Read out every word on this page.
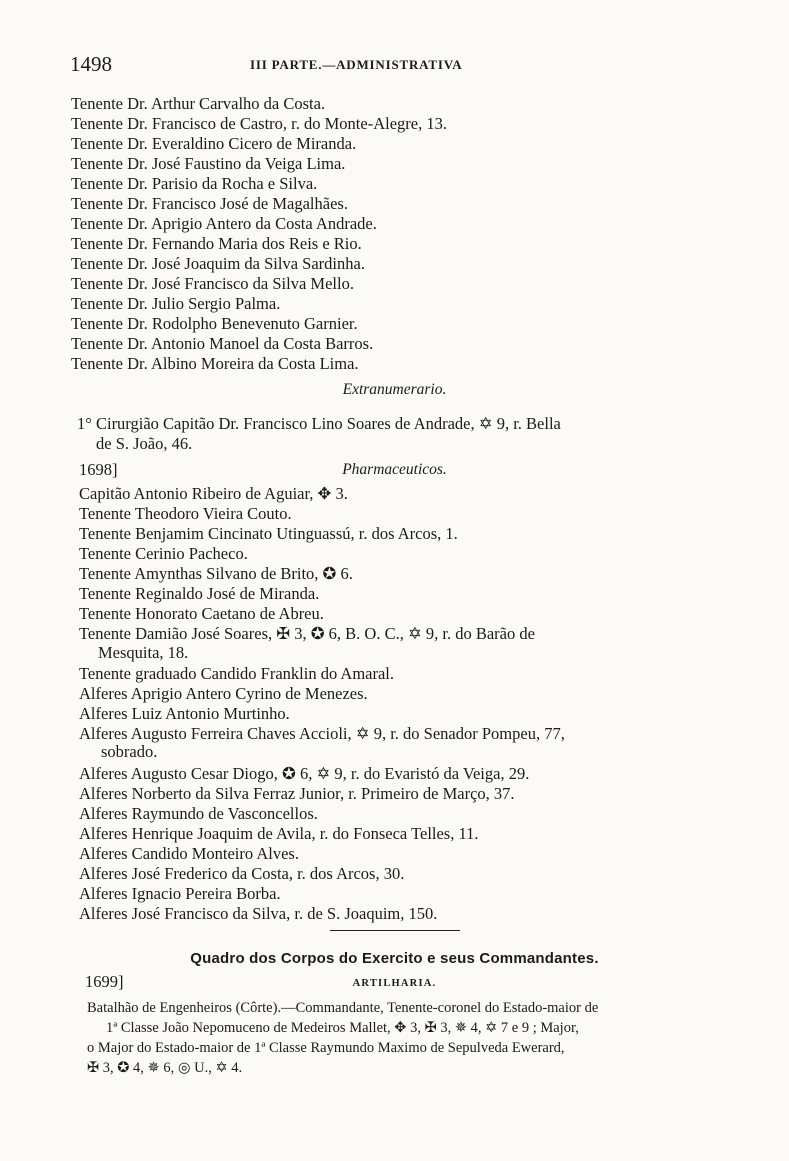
1498	III PARTE.—ADMINISTRATIVA
Tenente Dr. Arthur Carvalho da Costa.
Tenente Dr. Francisco de Castro, r. do Monte-Alegre, 13.
Tenente Dr. Everaldino Cicero de Miranda.
Tenente Dr. José Faustino da Veiga Lima.
Tenente Dr. Parisio da Rocha e Silva.
Tenente Dr. Francisco José de Magalhães.
Tenente Dr. Aprigio Antero da Costa Andrade.
Tenente Dr. Fernando Maria dos Reis e Rio.
Tenente Dr. José Joaquim da Silva Sardinha.
Tenente Dr. José Francisco da Silva Mello.
Tenente Dr. Julio Sergio Palma.
Tenente Dr. Rodolpho Benevenuto Garnier.
Tenente Dr. Antonio Manoel da Costa Barros.
Tenente Dr. Albino Moreira da Costa Lima.
Extranumerario.
1° Cirurgião Capitão Dr. Francisco Lino Soares de Andrade, ✡ 9, r. Bella
de S. João, 46.
1698]	Pharmaceuticos.
Capitão Antonio Ribeiro de Aguiar, ✥ 3.
Tenente Theodoro Vieira Couto.
Tenente Benjamim Cincinato Utinguassú, r. dos Arcos, 1.
Tenente Cerinio Pacheco.
Tenente Amynthas Silvano de Brito, ✪ 6.
Tenente Reginaldo José de Miranda.
Tenente Honorato Caetano de Abreu.
Tenente Damião José Soares, ✠ 3, ✪ 6, B. O. C., ✡ 9, r. do Barão de
Mesquita, 18.
Tenente graduado Candido Franklin do Amaral.
Alferes Aprigio Antero Cyrino de Menezes.
Alferes Luiz Antonio Murtinho.
Alferes Augusto Ferreira Chaves Accioli, ✡ 9, r. do Senador Pompeu, 77,
sobrado.
Alferes Augusto Cesar Diogo, ✪ 6, ✡ 9, r. do Evaristó da Veiga, 29.
Alferes Norberto da Silva Ferraz Junior, r. Primeiro de Março, 37.
Alferes Raymundo de Vasconcellos.
Alferes Henrique Joaquim de Avila, r. do Fonseca Telles, 11.
Alferes Candido Monteiro Alves.
Alferes José Frederico da Costa, r. dos Arcos, 30.
Alferes Ignacio Pereira Borba.
Alferes José Francisco da Silva, r. de S. Joaquim, 150.
Quadro dos Corpos do Exercito e seus Commandantes.
1699]	ARTILHARIA.
Batalhão de Engenheiros (Côrte).—Commandante, Tenente-coronel do Estado-maior de
1ª Classe João Nepomuceno de Medeiros Mallet, ✥ 3, ✠ 3, ✵ 4, ✡ 7 e 9 ; Major,
o Major do Estado-maior de 1ª Classe Raymundo Maximo de Sepulveda Ewerard,
✠ 3, ✪ 4, ✵ 6, ◎ U., ✡ 4.
